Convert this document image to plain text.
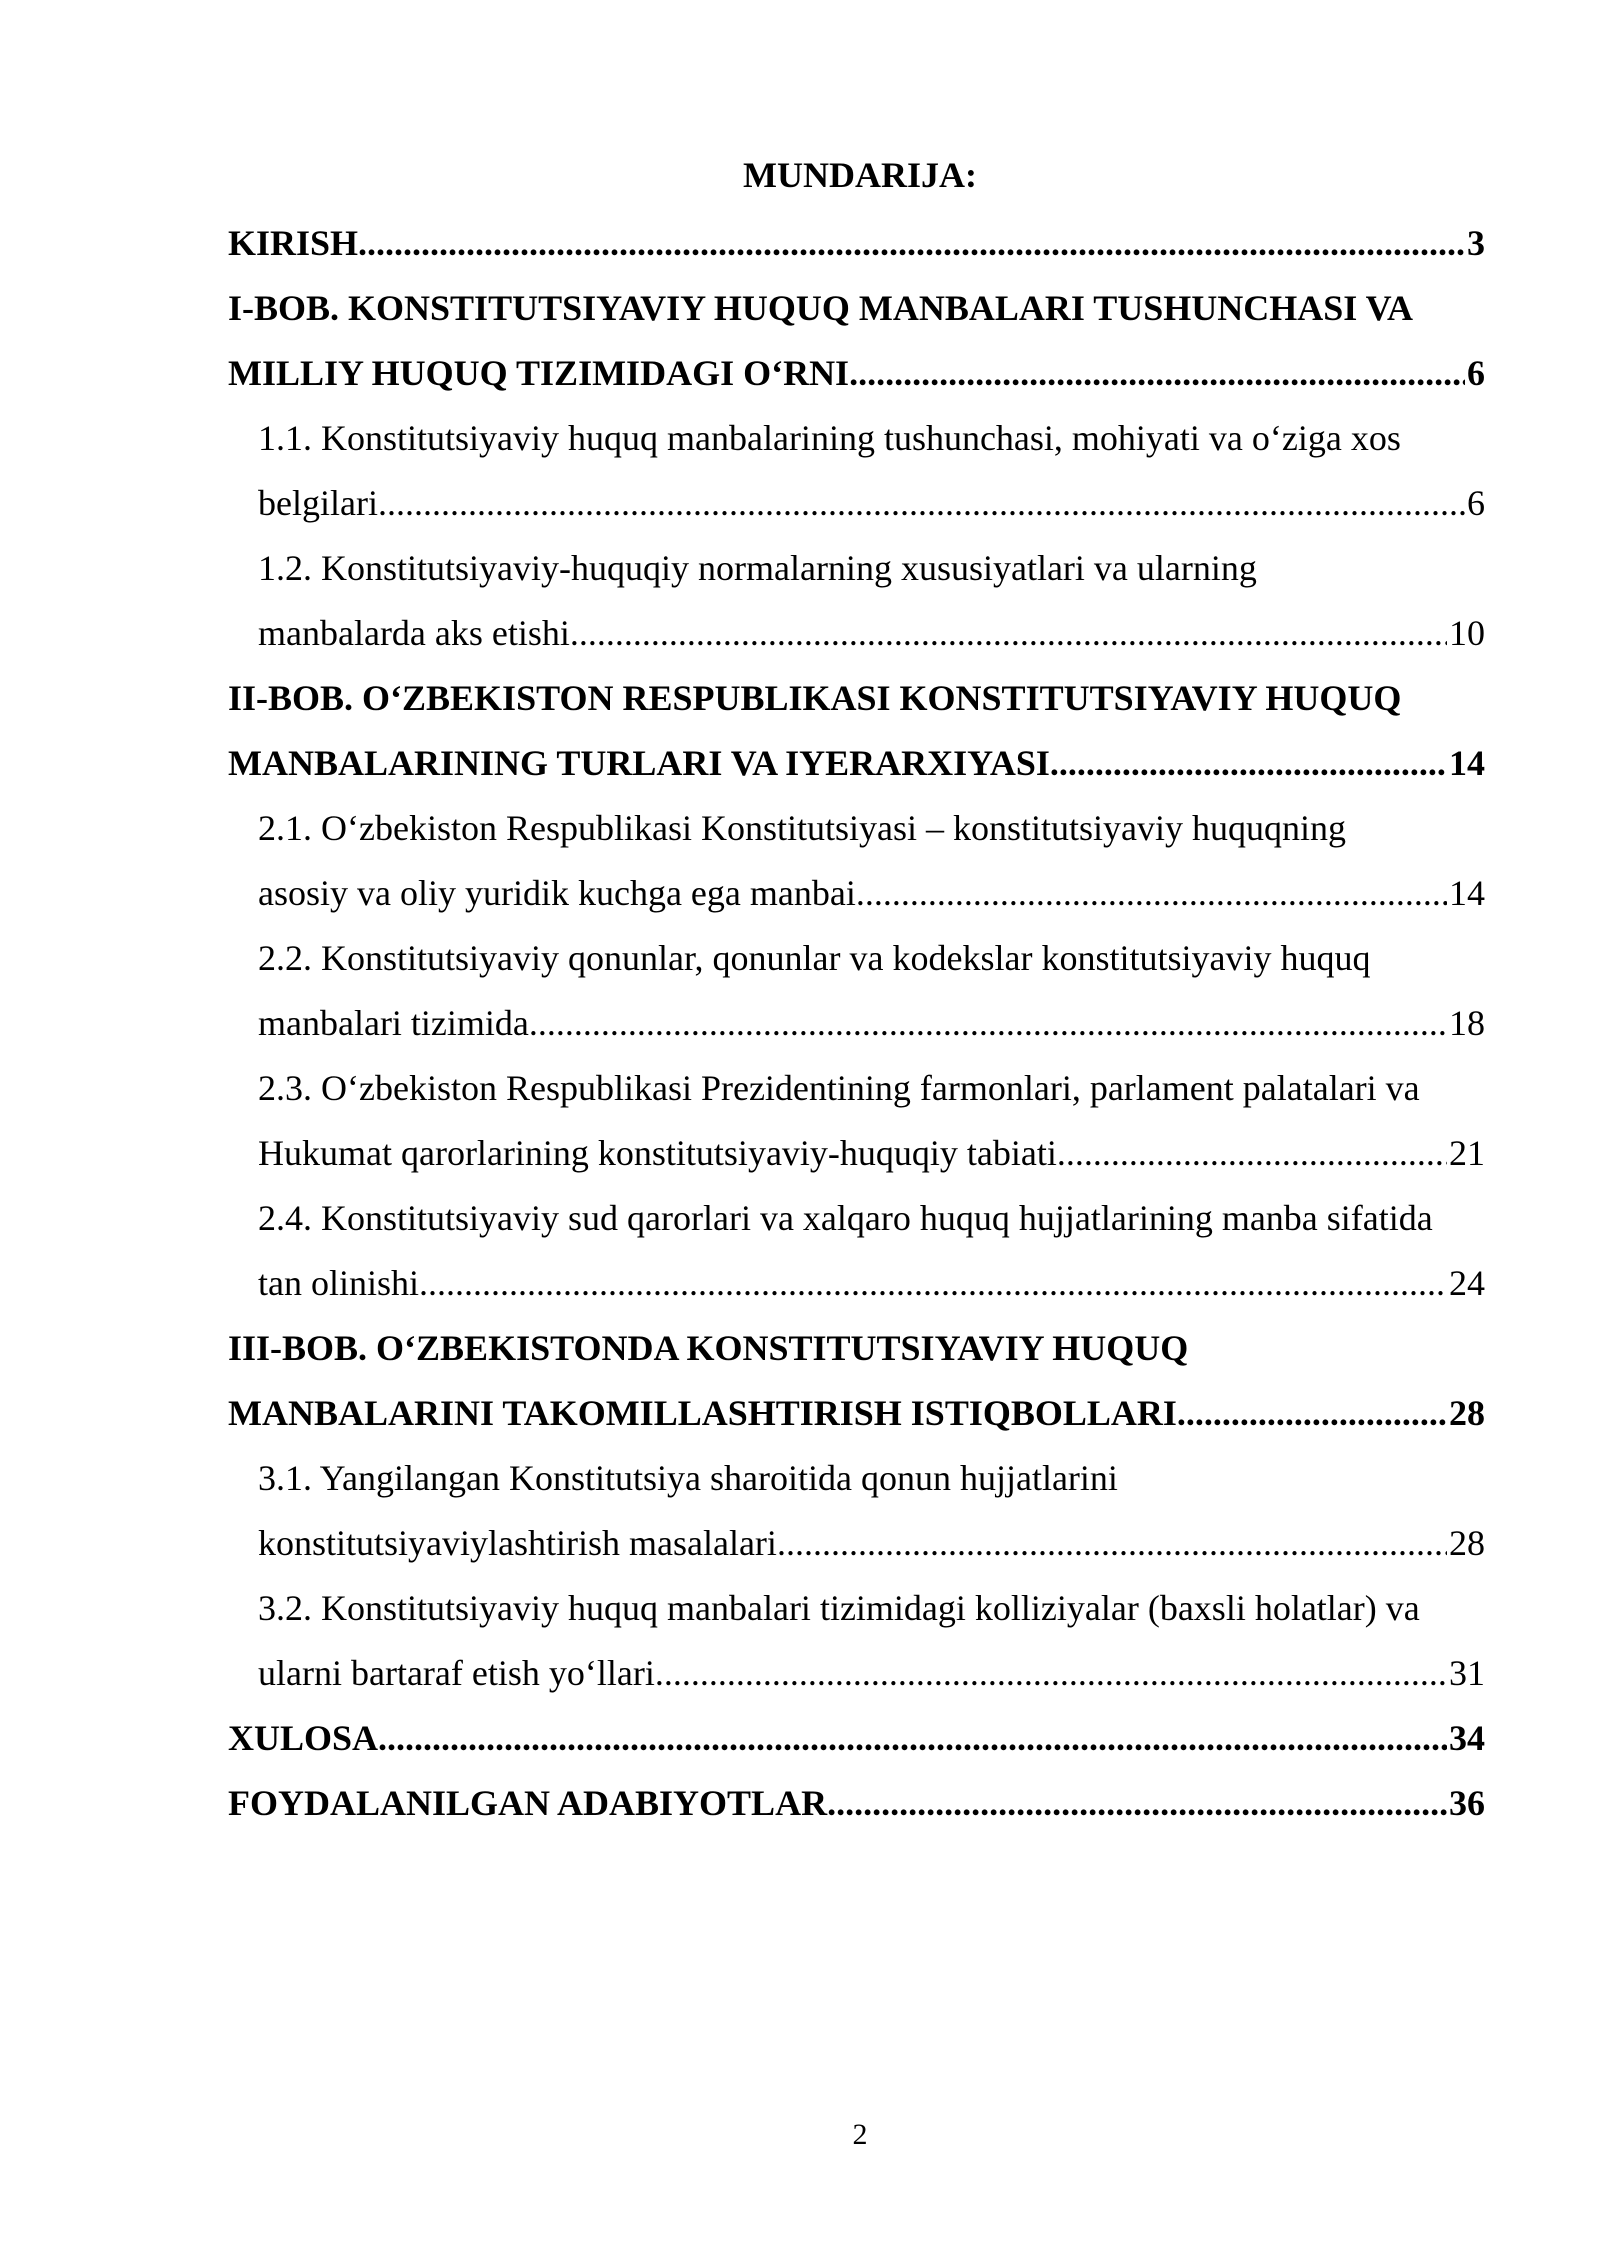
MUNDARIJA:
KIRISH .....	3
I-BOB. KONSTITUTSIYAVIY HUQUQ MANBALARI TUSHUNCHASI VA
MILLIY HUQUQ TIZIMIDAGI O‘RNI .....	6
1.1. Konstitutsiyaviy huquq manbalarining tushunchasi, mohiyati va o‘ziga xos
belgilari .....	6
1.2. Konstitutsiyaviy-huquqiy normalarning xususiyatlari va ularning
manbalarda aks etishi .....	10
II-BOB. O‘ZBEKISTON RESPUBLIKASI KONSTITUTSIYAVIY HUQUQ
MANBALARINING TURLARI VA IYERARXIYASI .....	14
2.1. O‘zbekiston Respublikasi Konstitutsiyasi – konstitutsiyaviy huquqning
asosiy va oliy yuridik kuchga ega manbai .....	14
2.2. Konstitutsiyaviy qonunlar, qonunlar va kodekslar konstitutsiyaviy huquq
manbalari tizimida .....	18
2.3. O‘zbekiston Respublikasi Prezidentining farmonlari, parlament palatalari va
Hukumat qarorlarining konstitutsiyaviy-huquqiy tabiati .....	21
2.4. Konstitutsiyaviy sud qarorlari va xalqaro huquq hujjatlarining manba sifatida
tan olinishi .....	24
III-BOB. O‘ZBEKISTONDA KONSTITUTSIYAVIY HUQUQ
MANBALARINI TAKOMILLASHTIRISH ISTIQBOLLARI .....	28
3.1. Yangilangan Konstitutsiya sharoitida qonun hujjatlarini
konstitutsiyaviylashtirish masalalari .....	28
3.2. Konstitutsiyaviy huquq manbalari tizimidagi kolliziyalar (baxsli holatlar) va
ularni bartaraf etish yo‘llari .....	31
XULOSA .....	34
FOYDALANILGAN ADABIYOTLAR .....	36
2
